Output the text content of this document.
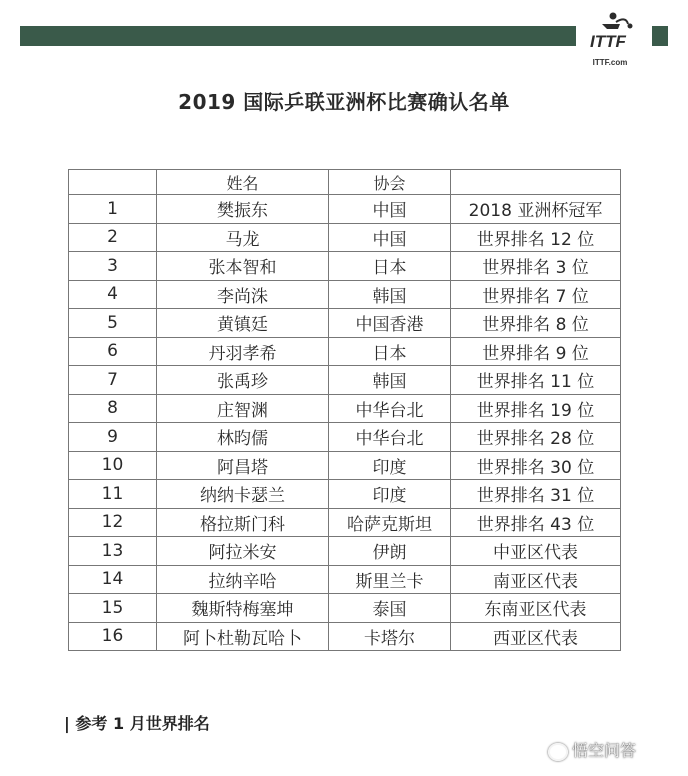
ITTF
ITTF.com
2019 国际乒联亚洲杯比赛确认名单
	姓名	协会	
1	樊振东	中国	2018 亚洲杯冠军
2	马龙	中国	世界排名 12 位
3	张本智和	日本	世界排名 3 位
4	李尚洙	韩国	世界排名 7 位
5	黄镇廷	中国香港	世界排名 8 位
6	丹羽孝希	日本	世界排名 9 位
7	张禹珍	韩国	世界排名 11 位
8	庄智渊	中华台北	世界排名 19 位
9	林昀儒	中华台北	世界排名 28 位
10	阿昌塔	印度	世界排名 30 位
11	纳纳卡瑟兰	印度	世界排名 31 位
12	格拉斯门科	哈萨克斯坦	世界排名 43 位
13	阿拉米安	伊朗	中亚区代表
14	拉纳辛哈	斯里兰卡	南亚区代表
15	魏斯特梅塞坤	泰国	东南亚区代表
16	阿卜杜勒瓦哈卜	卡塔尔	西亚区代表
| 参考 1 月世界排名
悟空问答
